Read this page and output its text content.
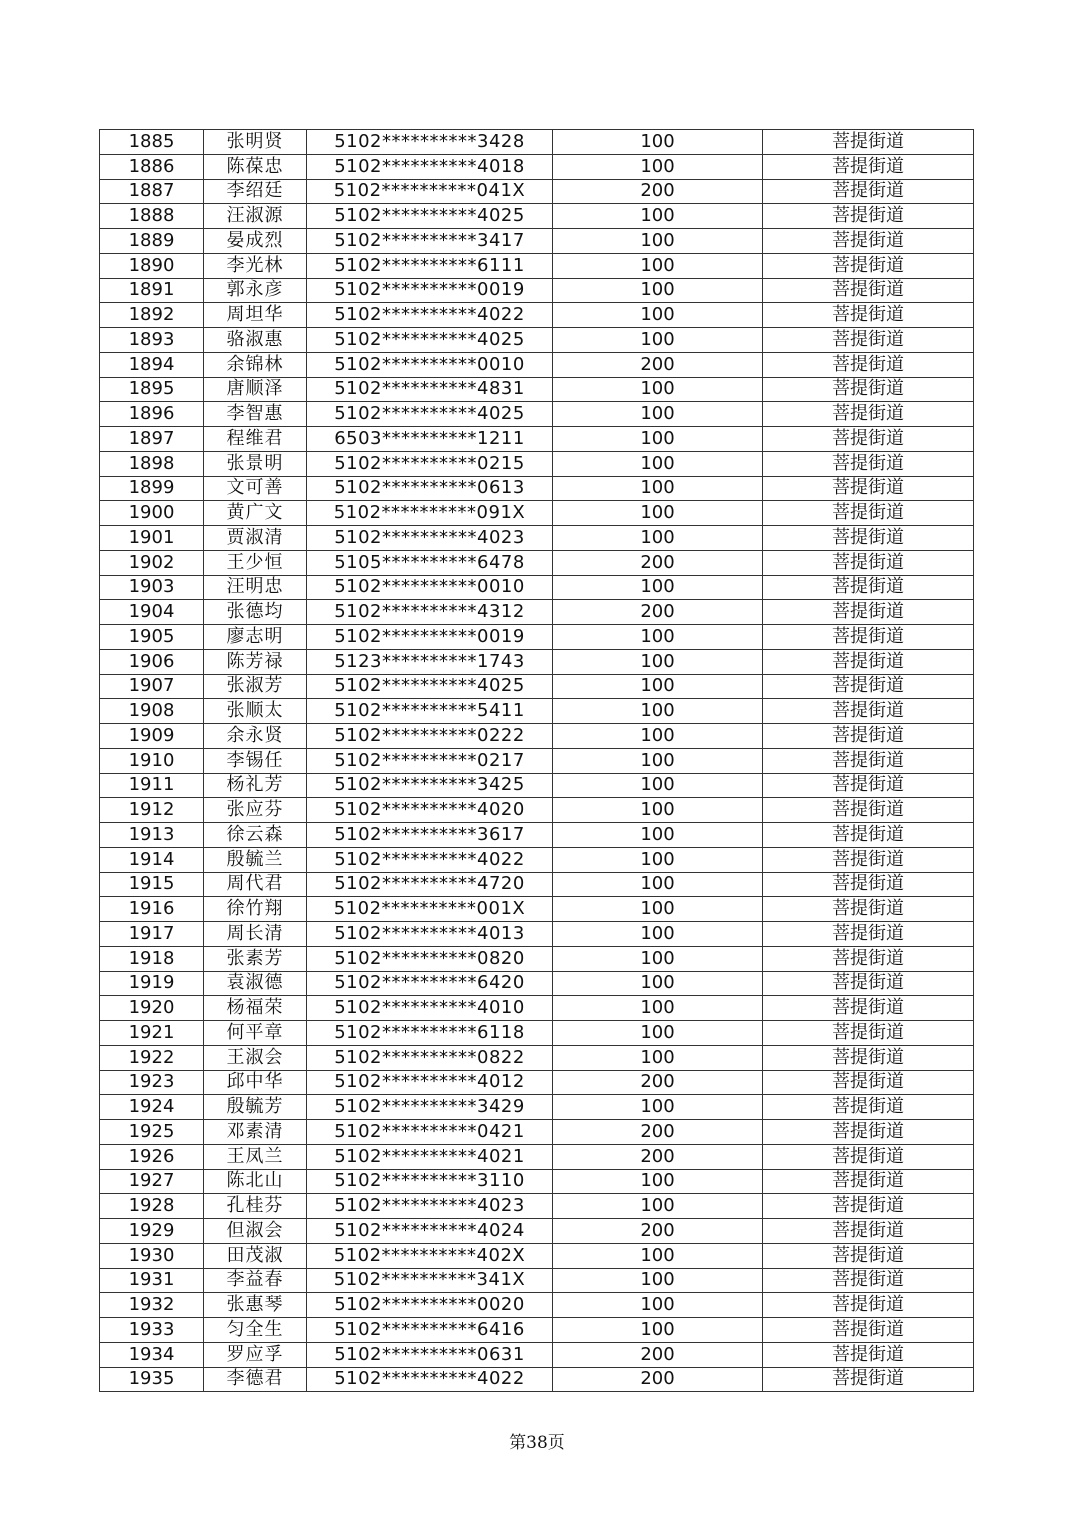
1885	张明贤	5102**********3428	100	菩提街道
1886	陈葆忠	5102**********4018	100	菩提街道
1887	李绍廷	5102**********041X	200	菩提街道
1888	汪淑源	5102**********4025	100	菩提街道
1889	晏成烈	5102**********3417	100	菩提街道
1890	李光林	5102**********6111	100	菩提街道
1891	郭永彦	5102**********0019	100	菩提街道
1892	周坦华	5102**********4022	100	菩提街道
1893	骆淑惠	5102**********4025	100	菩提街道
1894	余锦林	5102**********0010	200	菩提街道
1895	唐顺泽	5102**********4831	100	菩提街道
1896	李智惠	5102**********4025	100	菩提街道
1897	程维君	6503**********1211	100	菩提街道
1898	张景明	5102**********0215	100	菩提街道
1899	文可善	5102**********0613	100	菩提街道
1900	黄广文	5102**********091X	100	菩提街道
1901	贾淑清	5102**********4023	100	菩提街道
1902	王少恒	5105**********6478	200	菩提街道
1903	汪明忠	5102**********0010	100	菩提街道
1904	张德均	5102**********4312	200	菩提街道
1905	廖志明	5102**********0019	100	菩提街道
1906	陈芳禄	5123**********1743	100	菩提街道
1907	张淑芳	5102**********4025	100	菩提街道
1908	张顺太	5102**********5411	100	菩提街道
1909	余永贤	5102**********0222	100	菩提街道
1910	李锡任	5102**********0217	100	菩提街道
1911	杨礼芳	5102**********3425	100	菩提街道
1912	张应芬	5102**********4020	100	菩提街道
1913	徐云森	5102**********3617	100	菩提街道
1914	殷毓兰	5102**********4022	100	菩提街道
1915	周代君	5102**********4720	100	菩提街道
1916	徐竹翔	5102**********001X	100	菩提街道
1917	周长清	5102**********4013	100	菩提街道
1918	张素芳	5102**********0820	100	菩提街道
1919	袁淑德	5102**********6420	100	菩提街道
1920	杨福荣	5102**********4010	100	菩提街道
1921	何平章	5102**********6118	100	菩提街道
1922	王淑会	5102**********0822	100	菩提街道
1923	邱中华	5102**********4012	200	菩提街道
1924	殷毓芳	5102**********3429	100	菩提街道
1925	邓素清	5102**********0421	200	菩提街道
1926	王凤兰	5102**********4021	200	菩提街道
1927	陈北山	5102**********3110	100	菩提街道
1928	孔桂芬	5102**********4023	100	菩提街道
1929	但淑会	5102**********4024	200	菩提街道
1930	田茂淑	5102**********402X	100	菩提街道
1931	李益春	5102**********341X	100	菩提街道
1932	张惠琴	5102**********0020	100	菩提街道
1933	匀全生	5102**********6416	100	菩提街道
1934	罗应孚	5102**********0631	200	菩提街道
1935	李德君	5102**********4022	200	菩提街道
第38页
